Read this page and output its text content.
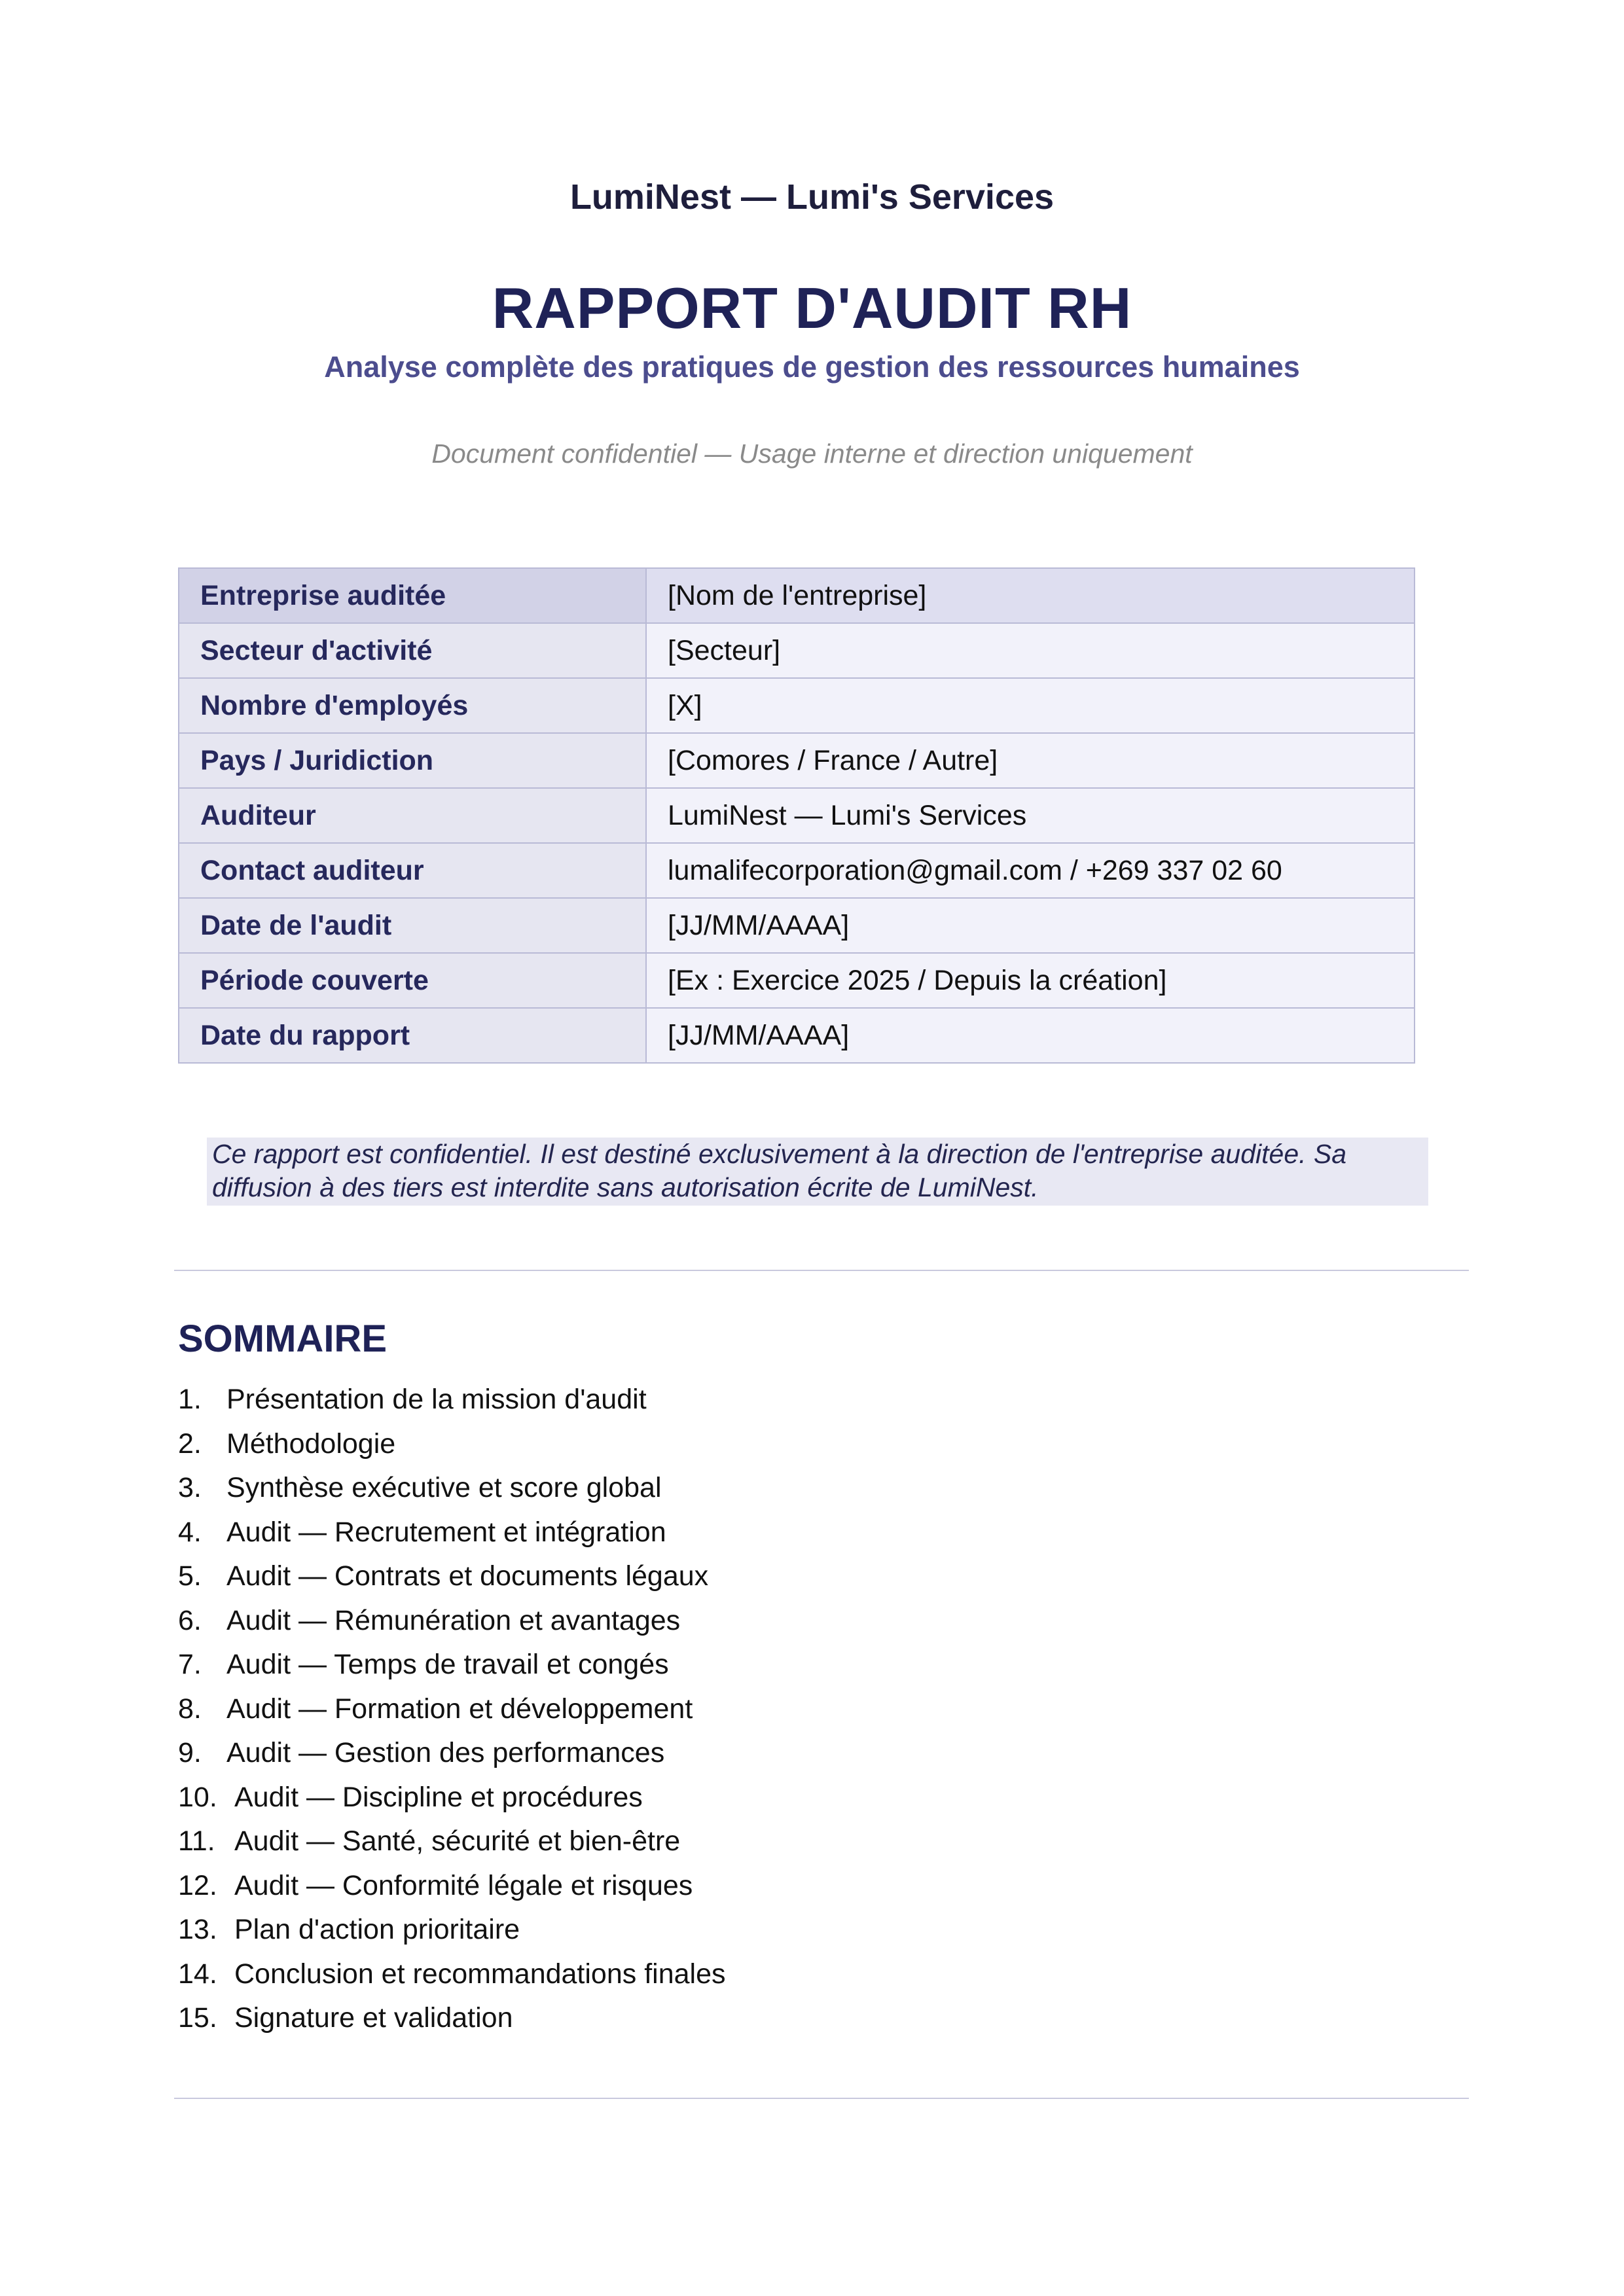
LumiNest — Lumi's Services

RAPPORT D'AUDIT RH

Analyse complète des pratiques de gestion des ressources humaines

Document confidentiel — Usage interne et direction uniquement

Entreprise auditée	[Nom de l'entreprise]
Secteur d'activité	[Secteur]
Nombre d'employés	[X]
Pays / Juridiction	[Comores / France / Autre]
Auditeur	LumiNest — Lumi's Services
Contact auditeur	lumalifecorporation@gmail.com / +269 337 02 60
Date de l'audit	[JJ/MM/AAAA]
Période couverte	[Ex : Exercice 2025 / Depuis la création]
Date du rapport	[JJ/MM/AAAA]
Ce rapport est confidentiel. Il est destiné exclusivement à la direction de l'entreprise auditée. Sa
diffusion à des tiers est interdite sans autorisation écrite de LumiNest.
SOMMAIRE
1. Présentation de la mission d'audit
2. Méthodologie
3. Synthèse exécutive et score global
4. Audit — Recrutement et intégration
5. Audit — Contrats et documents légaux
6. Audit — Rémunération et avantages
7. Audit — Temps de travail et congés
8. Audit — Formation et développement
9. Audit — Gestion des performances
10. Audit — Discipline et procédures
11. Audit — Santé, sécurité et bien-être
12. Audit — Conformité légale et risques
13. Plan d'action prioritaire
14. Conclusion et recommandations finales
15. Signature et validation
